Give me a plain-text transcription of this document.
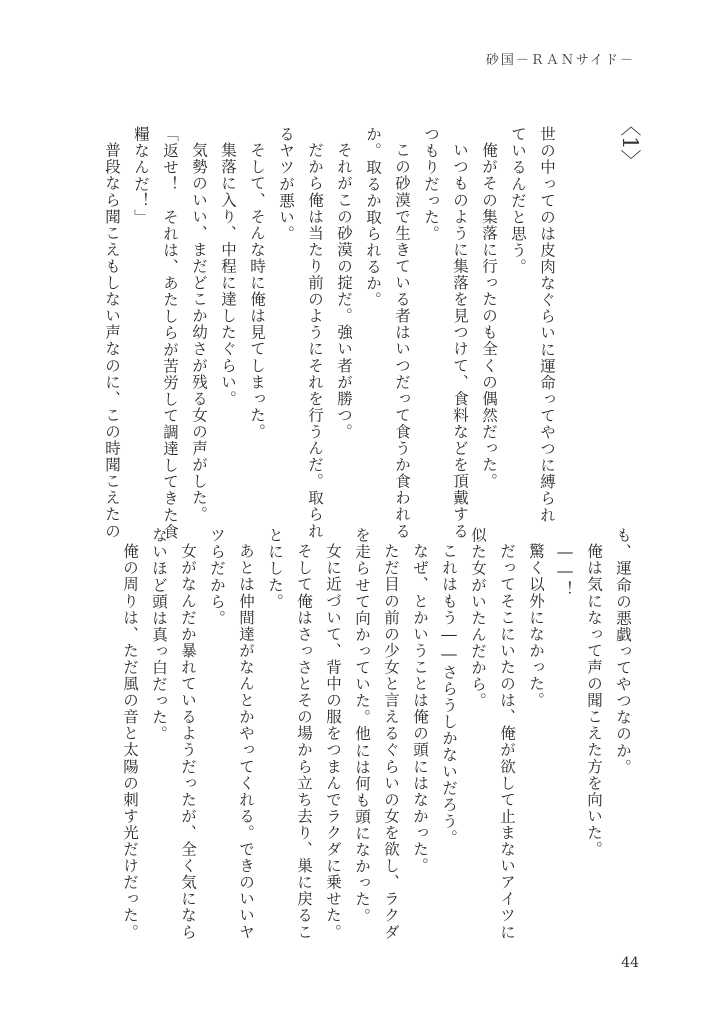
砂国－ＲＡＮサイド－
〈1〉

世の中ってのは皮肉なぐらいに運命ってやつに縛られ

ているんだと思う。

俺がその集落に行ったのも全くの偶然だった。

いつものように集落を見つけて、食料などを頂戴する

つもりだった。

この砂漠で生きている者はいつだって食うか食われる

か。取るか取られるか。

それがこの砂漠の掟だ。強い者が勝つ。

だから俺は当たり前のようにそれを行うんだ。取られ

るヤツが悪い。

そして、そんな時に俺は見てしまった。

集落に入り、中程に達したぐらい。

気勢のいい、まだどこか幼さが残る女の声がした。

「返せ！　それは、あたしらが苦労して調達してきた食

糧なんだ！」

普段なら聞こえもしない声なのに、この時聞こえたの

も、運命の悪戯ってやつなのか。

俺は気になって声の聞こえた方を向いた。

――！

驚く以外になかった。

だってそこにいたのは、俺が欲して止まないアイツに

似た女がいたんだから。

これはもう――さらうしかないだろう。

なぜ、とかいうことは俺の頭にはなかった。

ただ目の前の少女と言えるぐらいの女を欲し、ラクダ

を走らせて向かっていた。他には何も頭になかった。

女に近づいて、背中の服をつまんでラクダに乗せた。

そして俺はさっさとその場から立ち去り、巣に戻るこ

とにした。

あとは仲間達がなんとかやってくれる。できのいいヤ

ツらだから。

女がなんだか暴れているようだったが、全く気になら

ないほど頭は真っ白だった。

俺の周りは、ただ風の音と太陽の刺す光だけだった。

44
